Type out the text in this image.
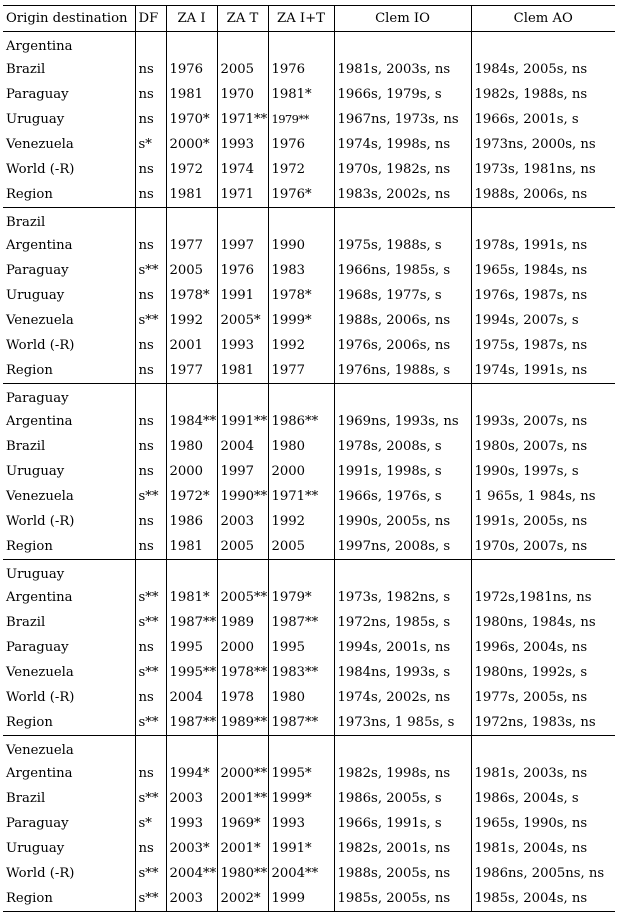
Origin destination	DF	ZA I	ZA T	ZA I+T	Clem IO	Clem AO
Argentina						
Brazil	ns	1976	2005	1976	1981s, 2003s, ns	1984s, 2005s, ns
Paraguay	ns	1981	1970	1981*	1966s, 1979s, s	1982s, 1988s, ns
Uruguay	ns	1970*	1971**	1979**	1967ns, 1973s, ns	1966s, 2001s, s
Venezuela	s*	2000*	1993	1976	1974s, 1998s, ns	1973ns, 2000s, ns
World (-R)	ns	1972	1974	1972	1970s, 1982s, ns	1973s, 1981ns, ns
Region	ns	1981	1971	1976*	1983s, 2002s, ns	1988s, 2006s, ns
Brazil						
Argentina	ns	1977	1997	1990	1975s, 1988s, s	1978s, 1991s, ns
Paraguay	s**	2005	1976	1983	1966ns, 1985s, s	1965s, 1984s, ns
Uruguay	ns	1978*	1991	1978*	1968s, 1977s, s	1976s, 1987s, ns
Venezuela	s**	1992	2005*	1999*	1988s, 2006s, ns	1994s, 2007s, s
World (-R)	ns	2001	1993	1992	1976s, 2006s, ns	1975s, 1987s, ns
Region	ns	1977	1981	1977	1976ns, 1988s, s	1974s, 1991s, ns
Paraguay						
Argentina	ns	1984**	1991**	1986**	1969ns, 1993s, ns	1993s, 2007s, ns
Brazil	ns	1980	2004	1980	1978s, 2008s, s	1980s, 2007s, ns
Uruguay	ns	2000	1997	2000	1991s, 1998s, s	1990s, 1997s, s
Venezuela	s**	1972*	1990**	1971**	1966s, 1976s, s	1 965s, 1 984s, ns
World (-R)	ns	1986	2003	1992	1990s, 2005s, ns	1991s, 2005s, ns
Region	ns	1981	2005	2005	1997ns, 2008s, s	1970s, 2007s, ns
Uruguay						
Argentina	s**	1981*	2005**	1979*	1973s, 1982ns, s	1972s,1981ns, ns
Brazil	s**	1987**	1989	1987**	1972ns, 1985s, s	1980ns, 1984s, ns
Paraguay	ns	1995	2000	1995	1994s, 2001s, ns	1996s, 2004s, ns
Venezuela	s**	1995**	1978**	1983**	1984ns, 1993s, s	1980ns, 1992s, s
World (-R)	ns	2004	1978	1980	1974s, 2002s, ns	1977s, 2005s, ns
Region	s**	1987**	1989**	1987**	1973ns, 1 985s, s	1972ns, 1983s, ns
Venezuela						
Argentina	ns	1994*	2000**	1995*	1982s, 1998s, ns	1981s, 2003s, ns
Brazil	s**	2003	2001**	1999*	1986s, 2005s, s	1986s, 2004s, s
Paraguay	s*	1993	1969*	1993	1966s, 1991s, s	1965s, 1990s, ns
Uruguay	ns	2003*	2001*	1991*	1982s, 2001s, ns	1981s, 2004s, ns
World (-R)	s**	2004**	1980**	2004**	1988s, 2005s, ns	1986ns, 2005ns, ns
Region	s**	2003	2002*	1999	1985s, 2005s, ns	1985s, 2004s, ns
